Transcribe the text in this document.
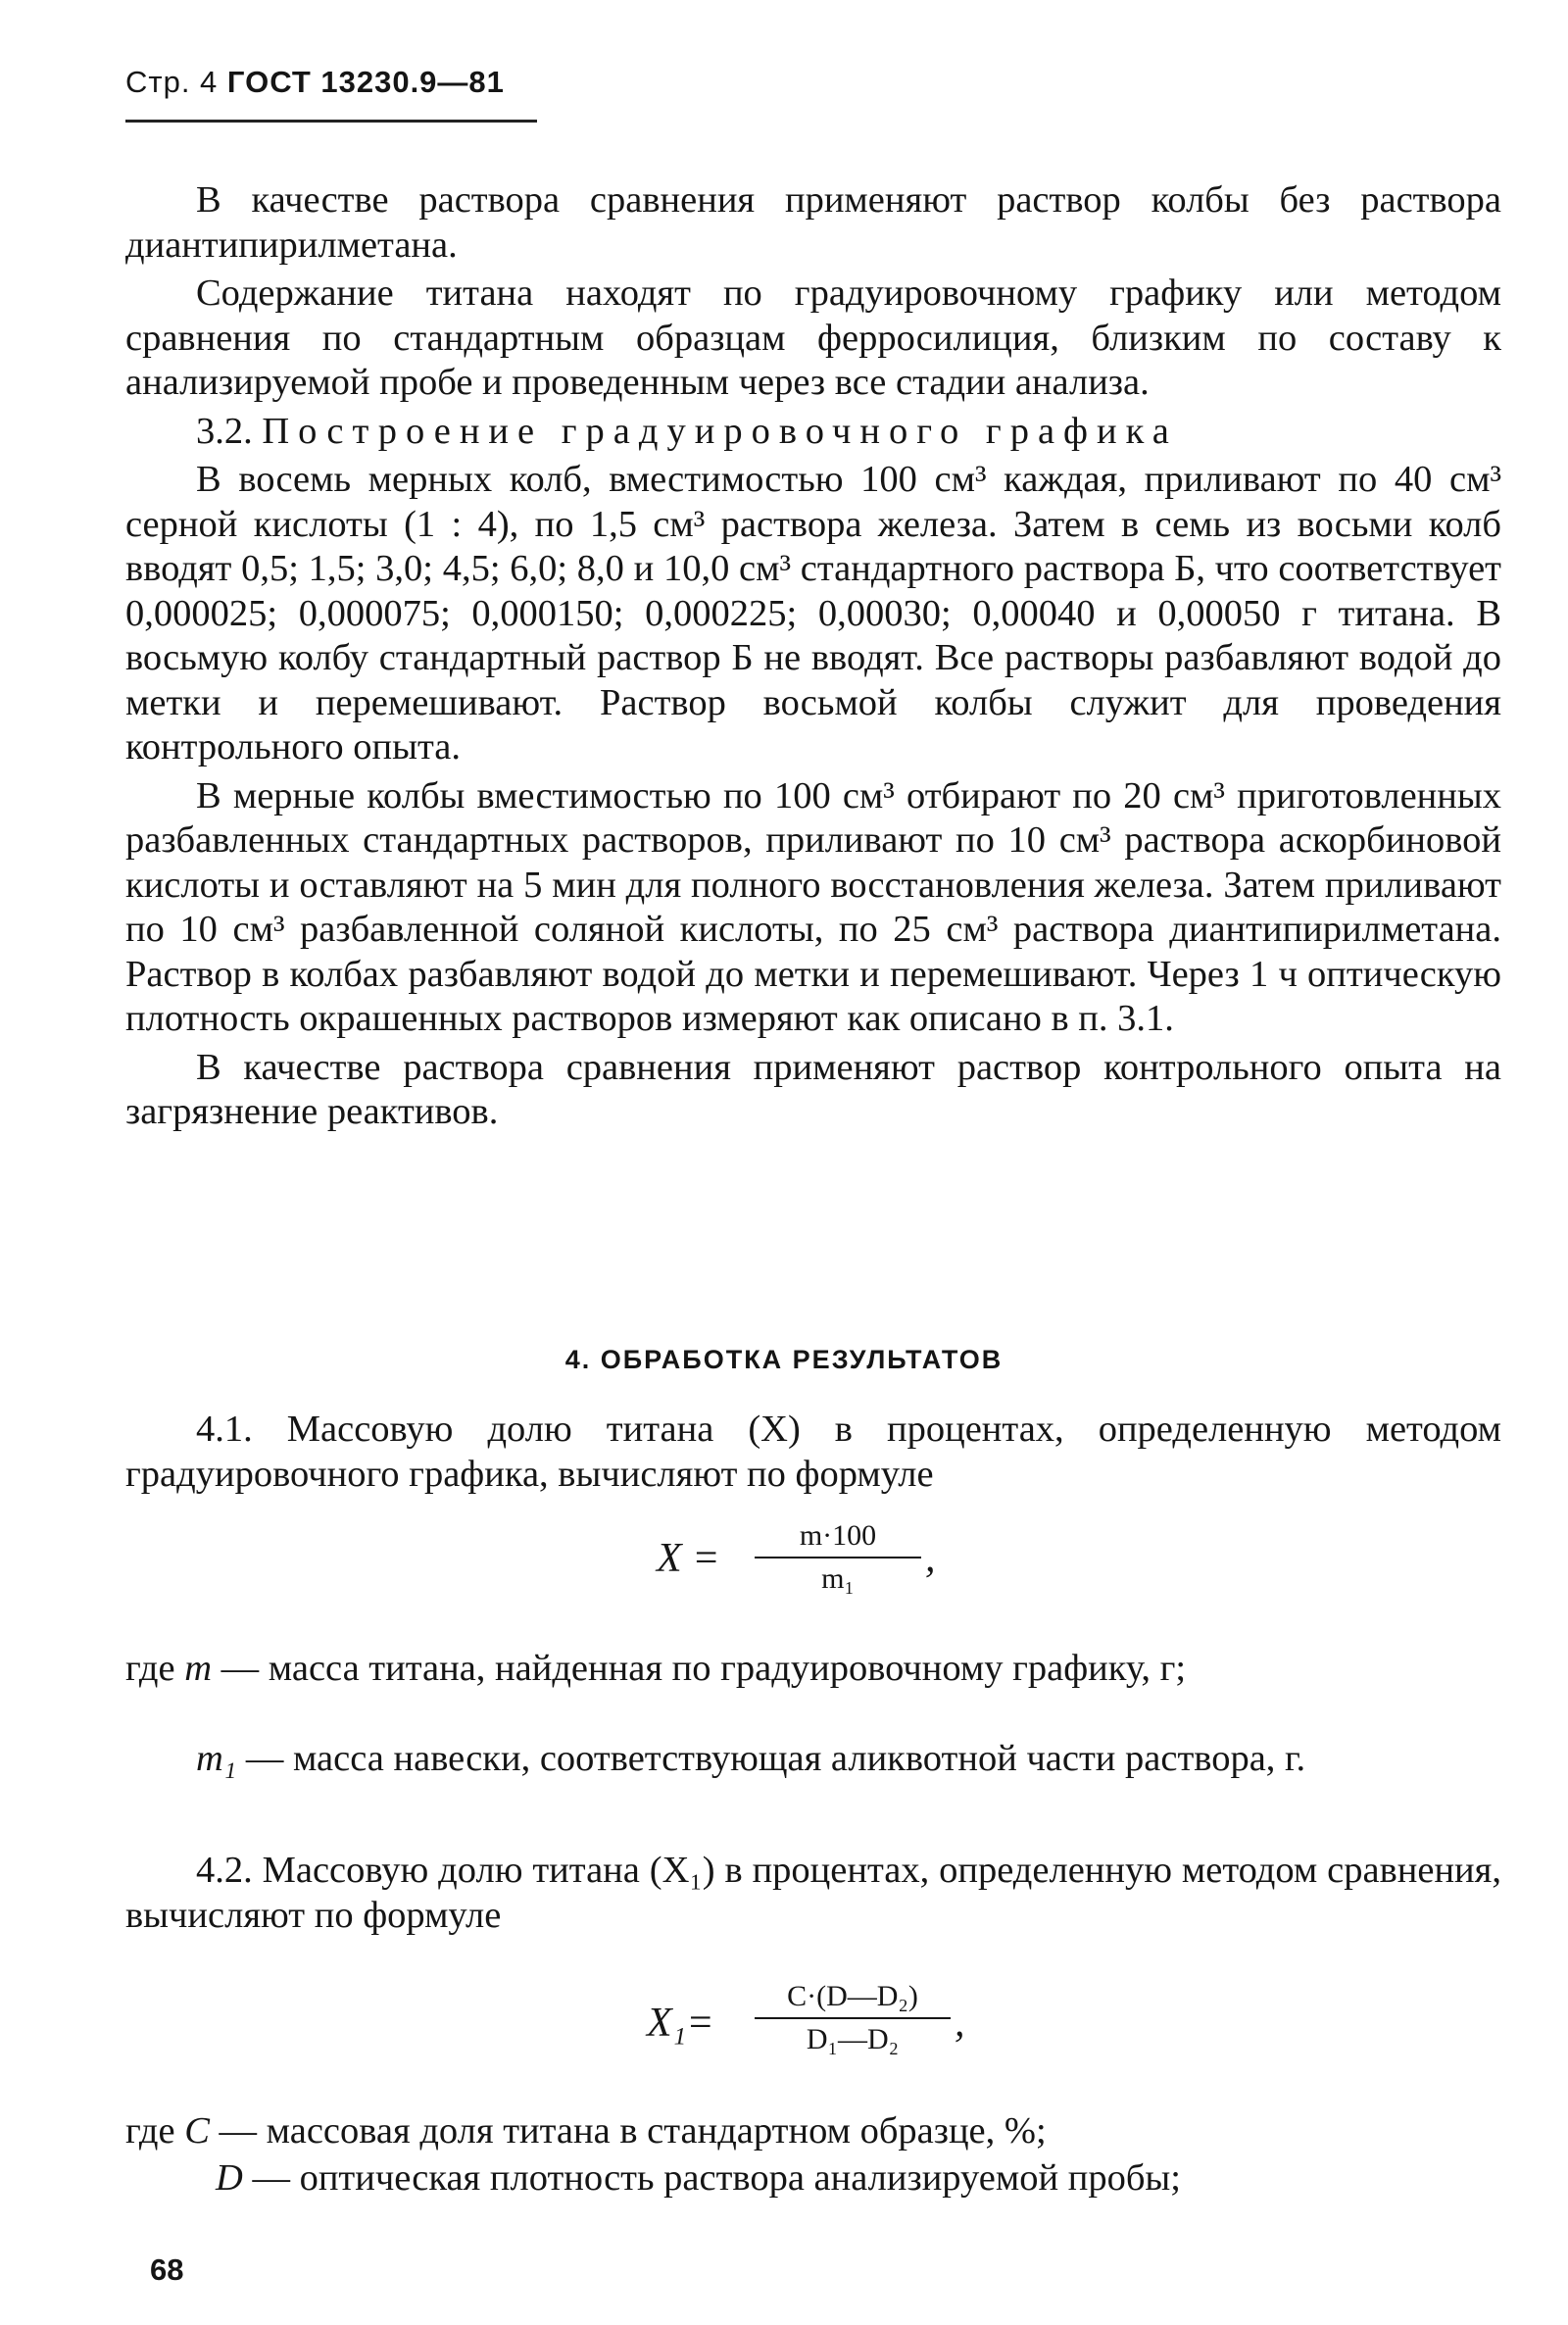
Стр. 4 ГОСТ 13230.9—81

В качестве раствора сравнения применяют раствор колбы без раствора диантипирилметана.

Содержание титана находят по градуировочному графику или методом сравнения по стандартным образцам ферросилиция, близким по составу к анализируемой пробе и проведенным через все стадии анализа.

3.2. Построение градуировочного графика

В восемь мерных колб, вместимостью 100 см³ каждая, приливают по 40 см³ серной кислоты (1 : 4), по 1,5 см³ раствора железа. Затем в семь из восьми колб вводят 0,5; 1,5; 3,0; 4,5; 6,0; 8,0 и 10,0 см³ стандартного раствора Б, что соответствует 0,000025; 0,000075; 0,000150; 0,000225; 0,00030; 0,00040 и 0,00050 г титана. В восьмую колбу стандартный раствор Б не вводят. Все растворы разбавляют водой до метки и перемешивают. Раствор восьмой колбы служит для проведения контрольного опыта.

В мерные колбы вместимостью по 100 см³ отбирают по 20 см³ приготовленных разбавленных стандартных растворов, приливают по 10 см³ раствора аскорбиновой кислоты и оставляют на 5 мин для полного восстановления железа. Затем приливают по 10 см³ разбавленной соляной кислоты, по 25 см³ раствора диантипирилметана. Раствор в колбах разбавляют водой до метки и перемешивают. Через 1 ч оптическую плотность окрашенных растворов измеряют как описано в п. 3.1.

В качестве раствора сравнения применяют раствор контрольного опыта на загрязнение реактивов.

4. ОБРАБОТКА РЕЗУЛЬТАТОВ

4.1. Массовую долю титана (X) в процентах, определенную методом градуировочного графика, вычисляют по формуле

X =
m·100
m₁	,
где m — масса титана, найденная по градуировочному графику, г;
m₁ — масса навески, соответствующая аликвотной части раствора, г.

4.2. Массовую долю титана (X₁) в процентах, определенную методом сравнения, вычисляют по формуле

X₁=
C·(D—D₂)
D₁—D₂	,
где C — массовая доля титана в стандартном образце, %;
D — оптическая плотность раствора анализируемой пробы;
68
